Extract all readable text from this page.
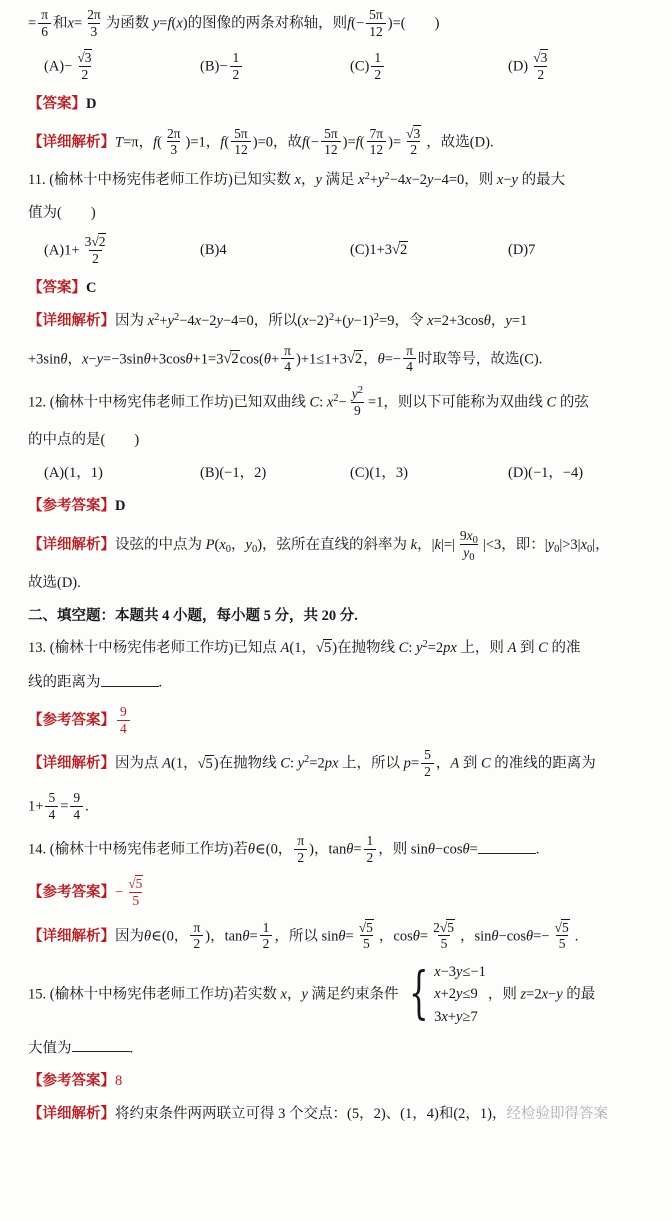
= $\frac{\pi}{6}$ 和$x= \frac{2\pi}{3}$ 为函数 y=f(x)的图像的两条对称轴，则$f(- \frac{5\pi}{12}$ )=(　　)
$(A)- \frac{√3}{2}$	$(B)- \frac{1}{2}$	$(C) \frac{1}{2}$	$(D) \frac{√3}{2}$
【答案】D
【详细解析】T=π，$f( \frac{2\pi}{3} )=1$，$f( \frac{5\pi}{12} )=0$，故$f(- \frac{5\pi}{12} )=f( \frac{7\pi}{12}$ )= $\frac{√3}{2}$ ，故选(D).
11. (榆林十中杨宪伟老师工作坊)已知实数 x，y 满足 $x^2+y^2-4x-2y-4=0$，则 x−y 的最大
值为(　　)
$(A)1+ \frac{3√2}{2}$	(B)4	(C)1+3√2	(D)7
【答案】C
【详细解析】因为 $x^2+y^2-4x-2y-4=0$，所以$(x-2)^2+(y-1)^2=9$，令 x=2+3cosθ，y=1
+3sinθ，$x-y=-3\sin\theta+3\cos\theta+1=3√2\cos(\theta+ \frac{\pi}{4} )+1\le 1+3√2$，$\theta=- \frac{\pi}{4}$ 时取等号，故选(C).
12. (榆林十中杨宪伟老师工作坊)已知双曲线 C: $x^2- \frac{y^2}{9} =1$，则以下可能称为双曲线 C 的弦
的中点的是(　　)
(A)(1，1)	(B)(−1，2)	(C)(1，3)	(D)(−1，−4)
【参考答案】D
【详细解析】设弦的中点为 $P(x_0$，$y_0$)，弦所在直线的斜率为 k，$|k|=| \frac{9x_0}{y_0} |<3$，即：$|y_0|>3|x_0|$，
故选(D).
二、填空题：本题共 4 小题，每小题 5 分，共 20 分.
13. (榆林十中杨宪伟老师工作坊)已知点 A(1，√5)在抛物线 C: $y^2=2px$ 上，则 A 到 C 的准
线的距离为	.
【参考答案】 $\frac{9}{4}$
【详细解析】因为点 A(1，√5)在抛物线 C: $y^2=2px$ 上，所以 $p= \frac{5}{2}$ ，A 到 C 的准线的距离为
$1+ \frac{5}{4} = \frac{9}{4}$ .
14. (榆林十中杨宪伟老师工作坊)若θ∈(0， $\frac{\pi}{2}$ )，$\tan\theta= \frac{1}{2}$ ，则 sinθ−cosθ=	.
【参考答案】− $\frac{√5}{5}$
【详细解析】因为θ∈(0， $\frac{\pi}{2}$ )，$\tan\theta= \frac{1}{2}$ ，所以 $\sin\theta= \frac{√5}{5}$ ，$\cos\theta= \frac{2√5}{5}$ ，$\sin\theta-\cos\theta=- \frac{√5}{5}$ .
15. (榆林十中杨宪伟老师工作坊)若实数 x，y 满足约束条件 { x−3y≤−1
x+2y≤9
3x+y≥7
，则 z=2x−y 的最
大值为	.
【参考答案】8
【详细解析】将约束条件两两联立可得 3 个交点：(5，2)、(1，4)和(2，1)，经检验即得答案
